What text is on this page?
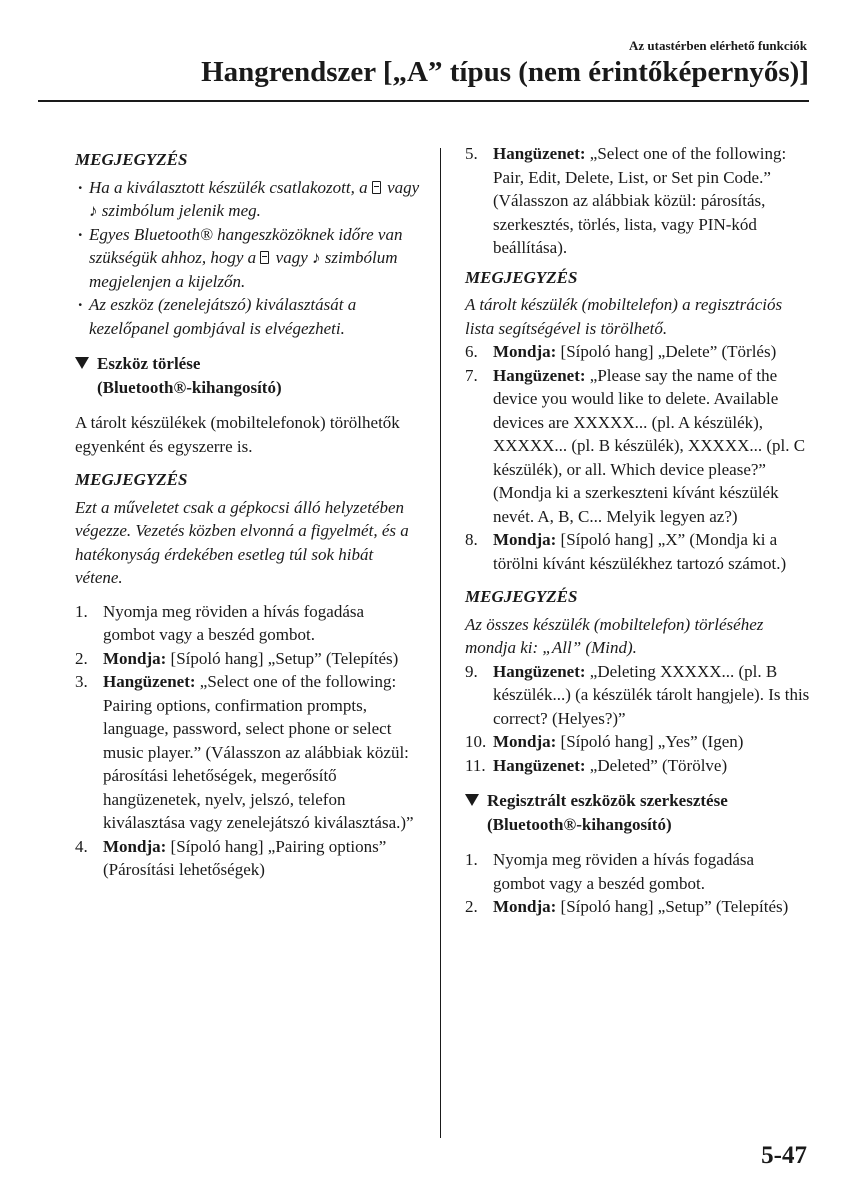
Az utastérben elérhető funkciók
Hangrendszer [„A” típus (nem érintőképernyős)]

MEGJEGYZÉS

· Ha a kiválasztott készülék csatlakozott, a vagy ♪ szimbólum jelenik meg.
· Egyes Bluetooth® hangeszközöknek időre van szükségük ahhoz, hogy a vagy ♪ szimbólum megjelenjen a kijelzőn.
· Az eszköz (zenelejátszó) kiválasztását a kezelőpanel gombjával is elvégezheti.
Eszköz törlése
(Bluetooth®-kihangosító)

A tárolt készülékek (mobiltelefonok) törölhetők egyenként és egyszerre is.

MEGJEGYZÉS

Ezt a műveletet csak a gépkocsi álló helyzetében végezze. Vezetés közben elvonná a figyelmét, és a hatékonyság érdekében esetleg túl sok hibát vétene.

1. Nyomja meg röviden a hívás fogadása gombot vagy a beszéd gombot.
2. Mondja: [Sípoló hang] „Setup” (Telepítés)
3. Hangüzenet: „Select one of the following: Pairing options, confirmation prompts, language, password, select phone or select music player.” (Válasszon az alábbiak közül: párosítási lehetőségek, megerősítő hangüzenetek, nyelv, jelszó, telefon kiválasztása vagy zenelejátszó kiválasztása.)”
4. Mondja: [Sípoló hang] „Pairing options” (Párosítási lehetőségek)
5. Hangüzenet: „Select one of the following: Pair, Edit, Delete, List, or Set pin Code.” (Válasszon az alábbiak közül: párosítás, szerkesztés, törlés, lista, vagy PIN-kód beállítása).

MEGJEGYZÉS

A tárolt készülék (mobiltelefon) a regisztrációs lista segítségével is törölhető.

6. Mondja: [Sípoló hang] „Delete” (Törlés)
7. Hangüzenet: „Please say the name of the device you would like to delete. Available devices are XXXXX... (pl. A készülék), XXXXX... (pl. B készülék), XXXXX... (pl. C készülék), or all. Which device please?” (Mondja ki a szerkeszteni kívánt készülék nevét. A, B, C... Melyik legyen az?)
8. Mondja: [Sípoló hang] „X” (Mondja ki a törölni kívánt készülékhez tartozó számot.)

MEGJEGYZÉS

Az összes készülék (mobiltelefon) törléséhez mondja ki: „All” (Mind).

9. Hangüzenet: „Deleting XXXXX... (pl. B készülék...) (a készülék tárolt hangjele). Is this correct? (Helyes?)”
10. Mondja: [Sípoló hang] „Yes” (Igen)
11. Hangüzenet: „Deleted” (Törölve)
Regisztrált eszközök szerkesztése
(Bluetooth®-kihangosító)
1. Nyomja meg röviden a hívás fogadása gombot vagy a beszéd gombot.
2. Mondja: [Sípoló hang] „Setup” (Telepítés)
5-47
